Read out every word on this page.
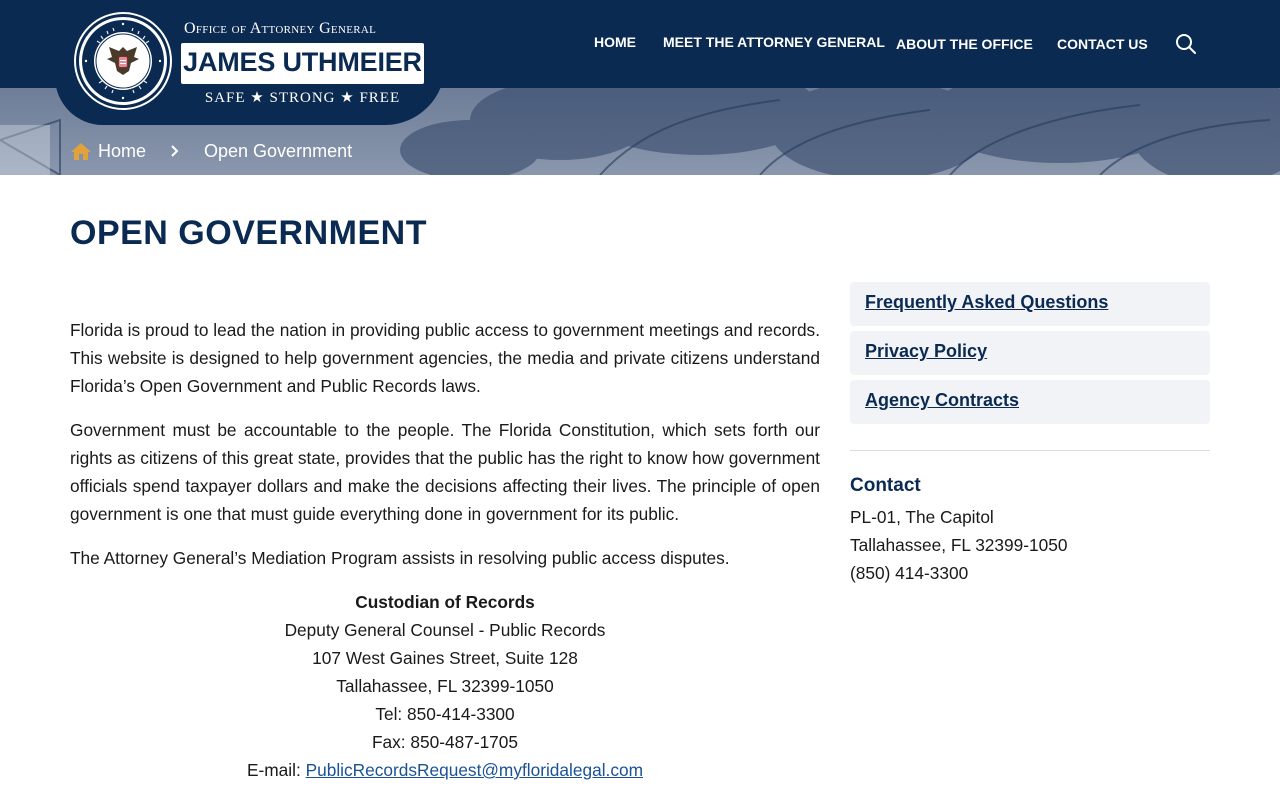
Office of Attorney General
JAMES UTHMEIER
SAFE ★ STRONG ★ FREE
HOME MEET THE ATTORNEY GENERAL ABOUT THE OFFICE CONTACT US
Home	Open Government
OPEN GOVERNMENT

Florida is proud to lead the nation in providing public access to government meetings and records. This website is designed to help government agencies, the media and private citizens understand Florida’s Open Government and Public Records laws.

Government must be accountable to the people. The Florida Constitution, which sets forth our rights as citizens of this great state, provides that the public has the right to know how government officials spend taxpayer dollars and make the decisions affecting their lives. The principle of open government is one that must guide everything done in government for its public.

The Attorney General’s Mediation Program assists in resolving public access disputes.

Custodian of Records
Deputy General Counsel - Public Records
107 West Gaines Street, Suite 128
Tallahassee, FL 32399-1050
Tel: 850-414-3300
Fax: 850-487-1705
E-mail: PublicRecordsRequest@myfloridalegal.com
Frequently Asked Questions
Privacy Policy
Agency Contracts
Contact
PL-01, The Capitol
Tallahassee, FL 32399-1050
(850) 414-3300
